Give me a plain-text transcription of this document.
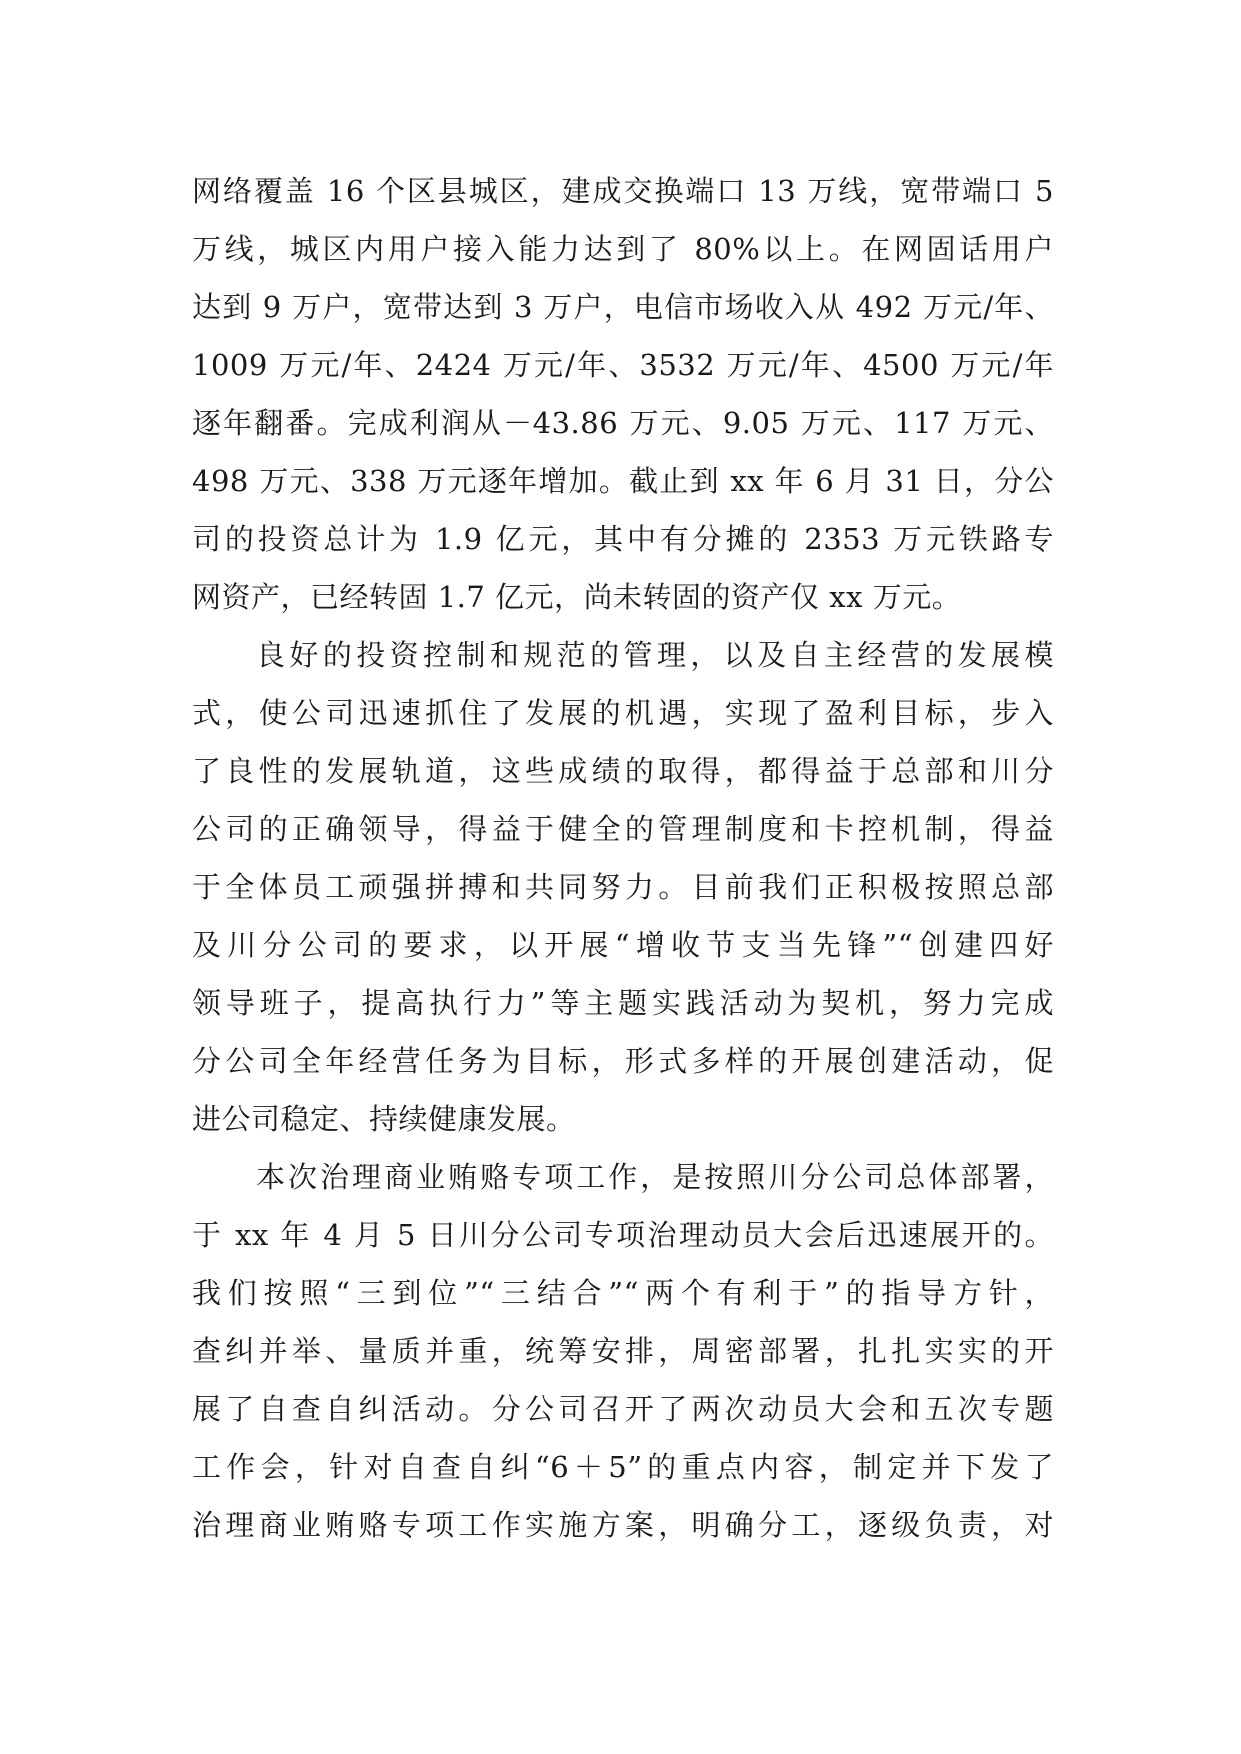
网络覆盖 16 个区县城区，建成交换端口 13 万线，宽带端口 5
万线，城区内用户接入能力达到了 80%以上。在网固话用户
达到 9 万户，宽带达到 3 万户，电信市场收入从 492 万元/年、
1009 万元/年、2424 万元/年、3532 万元/年、4500 万元/年
逐年翻番。完成利润从－43.86 万元、9.05 万元、117 万元、
498 万元、338 万元逐年增加。截止到 xx 年 6 月 31 日，分公
司的投资总计为 1.9 亿元，其中有分摊的 2353 万元铁路专
网资产，已经转固 1.7 亿元，尚未转固的资产仅 xx 万元。
良好的投资控制和规范的管理，以及自主经营的发展模
式，使公司迅速抓住了发展的机遇，实现了盈利目标，步入
了良性的发展轨道，这些成绩的取得，都得益于总部和川分
公司的正确领导，得益于健全的管理制度和卡控机制，得益
于全体员工顽强拼搏和共同努力。目前我们正积极按照总部
及川分公司的要求，以开展“增收节支当先锋”“创建四好
领导班子，提高执行力”等主题实践活动为契机，努力完成
分公司全年经营任务为目标，形式多样的开展创建活动，促
进公司稳定、持续健康发展。
本次治理商业贿赂专项工作，是按照川分公司总体部署，
于 xx 年 4 月 5 日川分公司专项治理动员大会后迅速展开的。
我们按照“三到位”“三结合”“两个有利于”的指导方针，
查纠并举、量质并重，统筹安排，周密部署，扎扎实实的开
展了自查自纠活动。分公司召开了两次动员大会和五次专题
工作会，针对自查自纠“6＋5”的重点内容，制定并下发了
治理商业贿赂专项工作实施方案，明确分工，逐级负责，对
